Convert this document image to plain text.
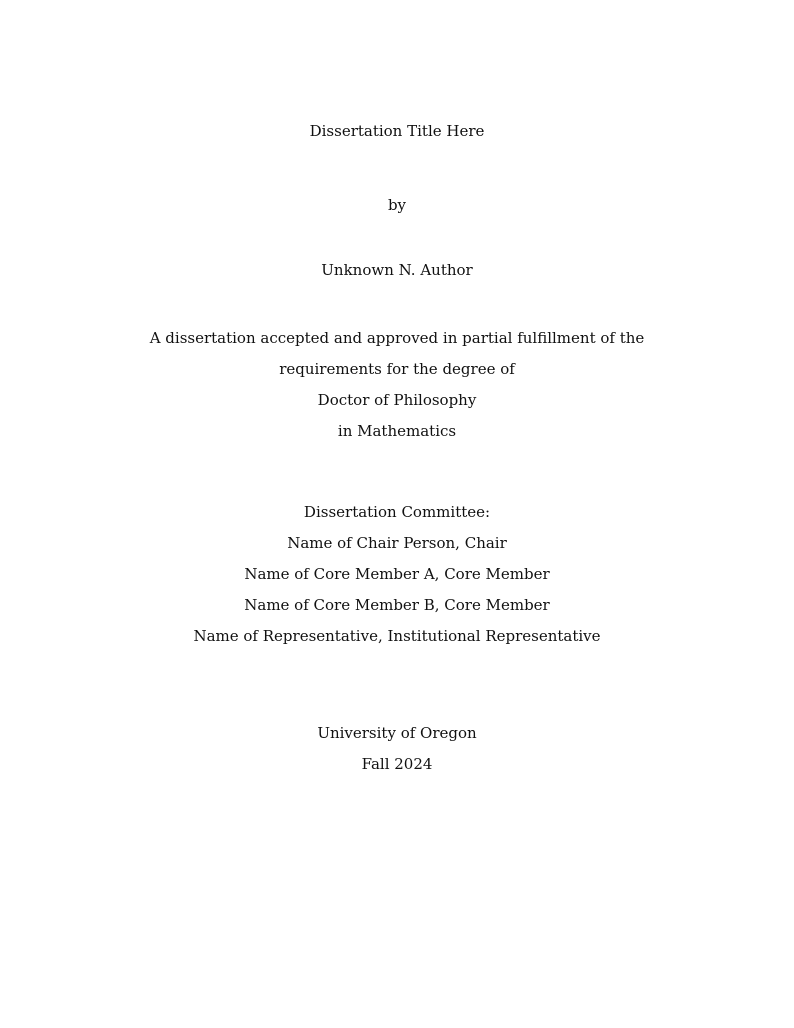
Dissertation Title Here
by
Unknown N. Author
A dissertation accepted and approved in partial fulfillment of the
requirements for the degree of
Doctor of Philosophy
in Mathematics
Dissertation Committee:
Name of Chair Person, Chair
Name of Core Member A, Core Member
Name of Core Member B, Core Member
Name of Representative, Institutional Representative
University of Oregon
Fall 2024
